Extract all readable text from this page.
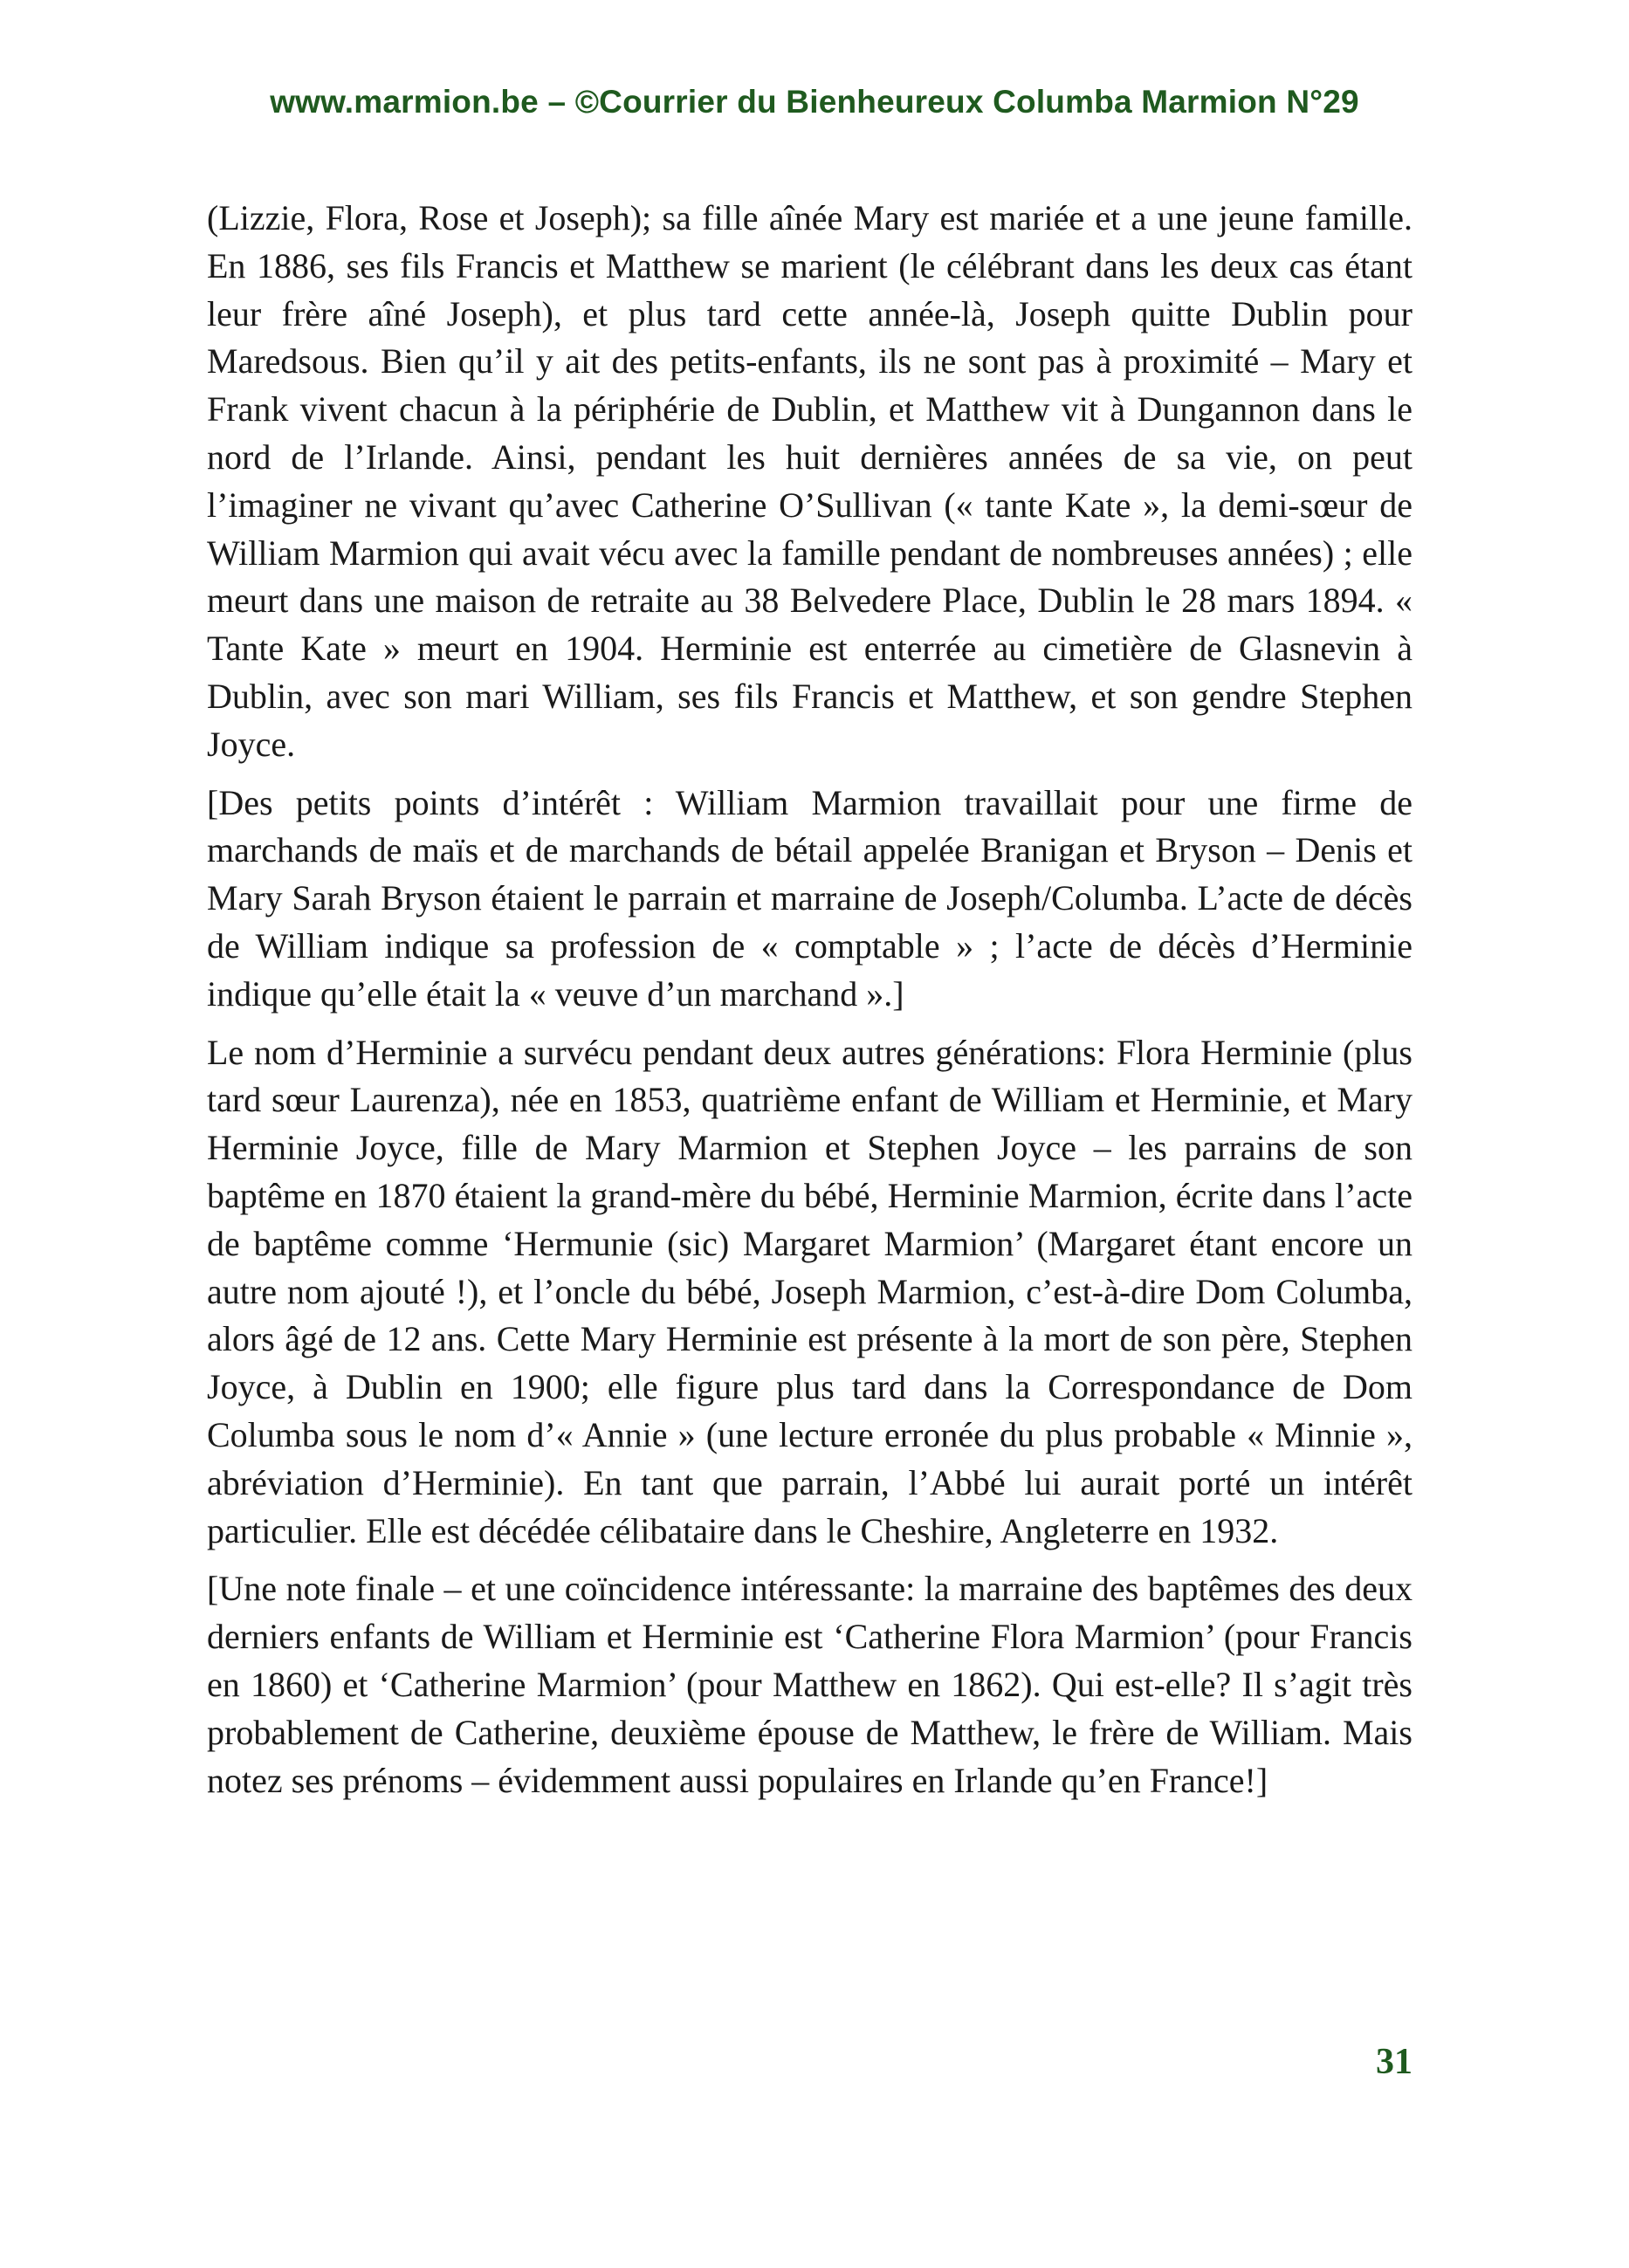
www.marmion.be – ©Courrier du Bienheureux Columba Marmion N°29

(Lizzie, Flora, Rose et Joseph); sa fille aînée Mary est mariée et a une jeune famille. En 1886, ses fils Francis et Matthew se marient (le célébrant dans les deux cas étant leur frère aîné Joseph), et plus tard cette année-là, Joseph quitte Dublin pour Maredsous. Bien qu’il y ait des petits-enfants, ils ne sont pas à proximité – Mary et Frank vivent chacun à la périphérie de Dublin, et Matthew vit à Dungannon dans le nord de l’Irlande. Ainsi, pendant les huit dernières années de sa vie, on peut l’imaginer ne vivant qu’avec Catherine O’Sullivan (« tante Kate », la demi-sœur de William Marmion qui avait vécu avec la famille pendant de nombreuses années) ; elle meurt dans une maison de retraite au 38 Belvedere Place, Dublin le 28 mars 1894. « Tante Kate » meurt en 1904. Herminie est enterrée au cimetière de Glasnevin à Dublin, avec son mari William, ses fils Francis et Matthew, et son gendre Stephen Joyce.

[Des petits points d’intérêt : William Marmion travaillait pour une firme de marchands de maïs et de marchands de bétail appelée Branigan et Bryson – Denis et Mary Sarah Bryson étaient le parrain et marraine de Joseph/Columba. L’acte de décès de William indique sa profession de « comptable » ; l’acte de décès d’Herminie indique qu’elle était la « veuve d’un marchand ».]

Le nom d’Herminie a survécu pendant deux autres générations: Flora Herminie (plus tard sœur Laurenza), née en 1853, quatrième enfant de William et Herminie, et Mary Herminie Joyce, fille de Mary Marmion et Stephen Joyce – les parrains de son baptême en 1870 étaient la grand-mère du bébé, Herminie Marmion, écrite dans l’acte de baptême comme ‘Hermunie (sic) Margaret Marmion’ (Margaret étant encore un autre nom ajouté !), et l’oncle du bébé, Joseph Marmion, c’est-à-dire Dom Columba, alors âgé de 12 ans. Cette Mary Herminie est présente à la mort de son père, Stephen Joyce, à Dublin en 1900; elle figure plus tard dans la Correspondance de Dom Columba sous le nom d’« Annie » (une lecture erronée du plus probable « Minnie », abréviation d’Herminie). En tant que parrain, l’Abbé lui aurait porté un intérêt particulier. Elle est décédée célibataire dans le Cheshire, Angleterre en 1932.

[Une note finale – et une coïncidence intéressante: la marraine des baptêmes des deux derniers enfants de William et Herminie est ‘Catherine Flora Marmion’ (pour Francis en 1860) et ‘Catherine Marmion’ (pour Matthew en 1862). Qui est-elle? Il s’agit très probablement de Catherine, deuxième épouse de Matthew, le frère de William. Mais notez ses prénoms – évidemment aussi populaires en Irlande qu’en France!]

31
